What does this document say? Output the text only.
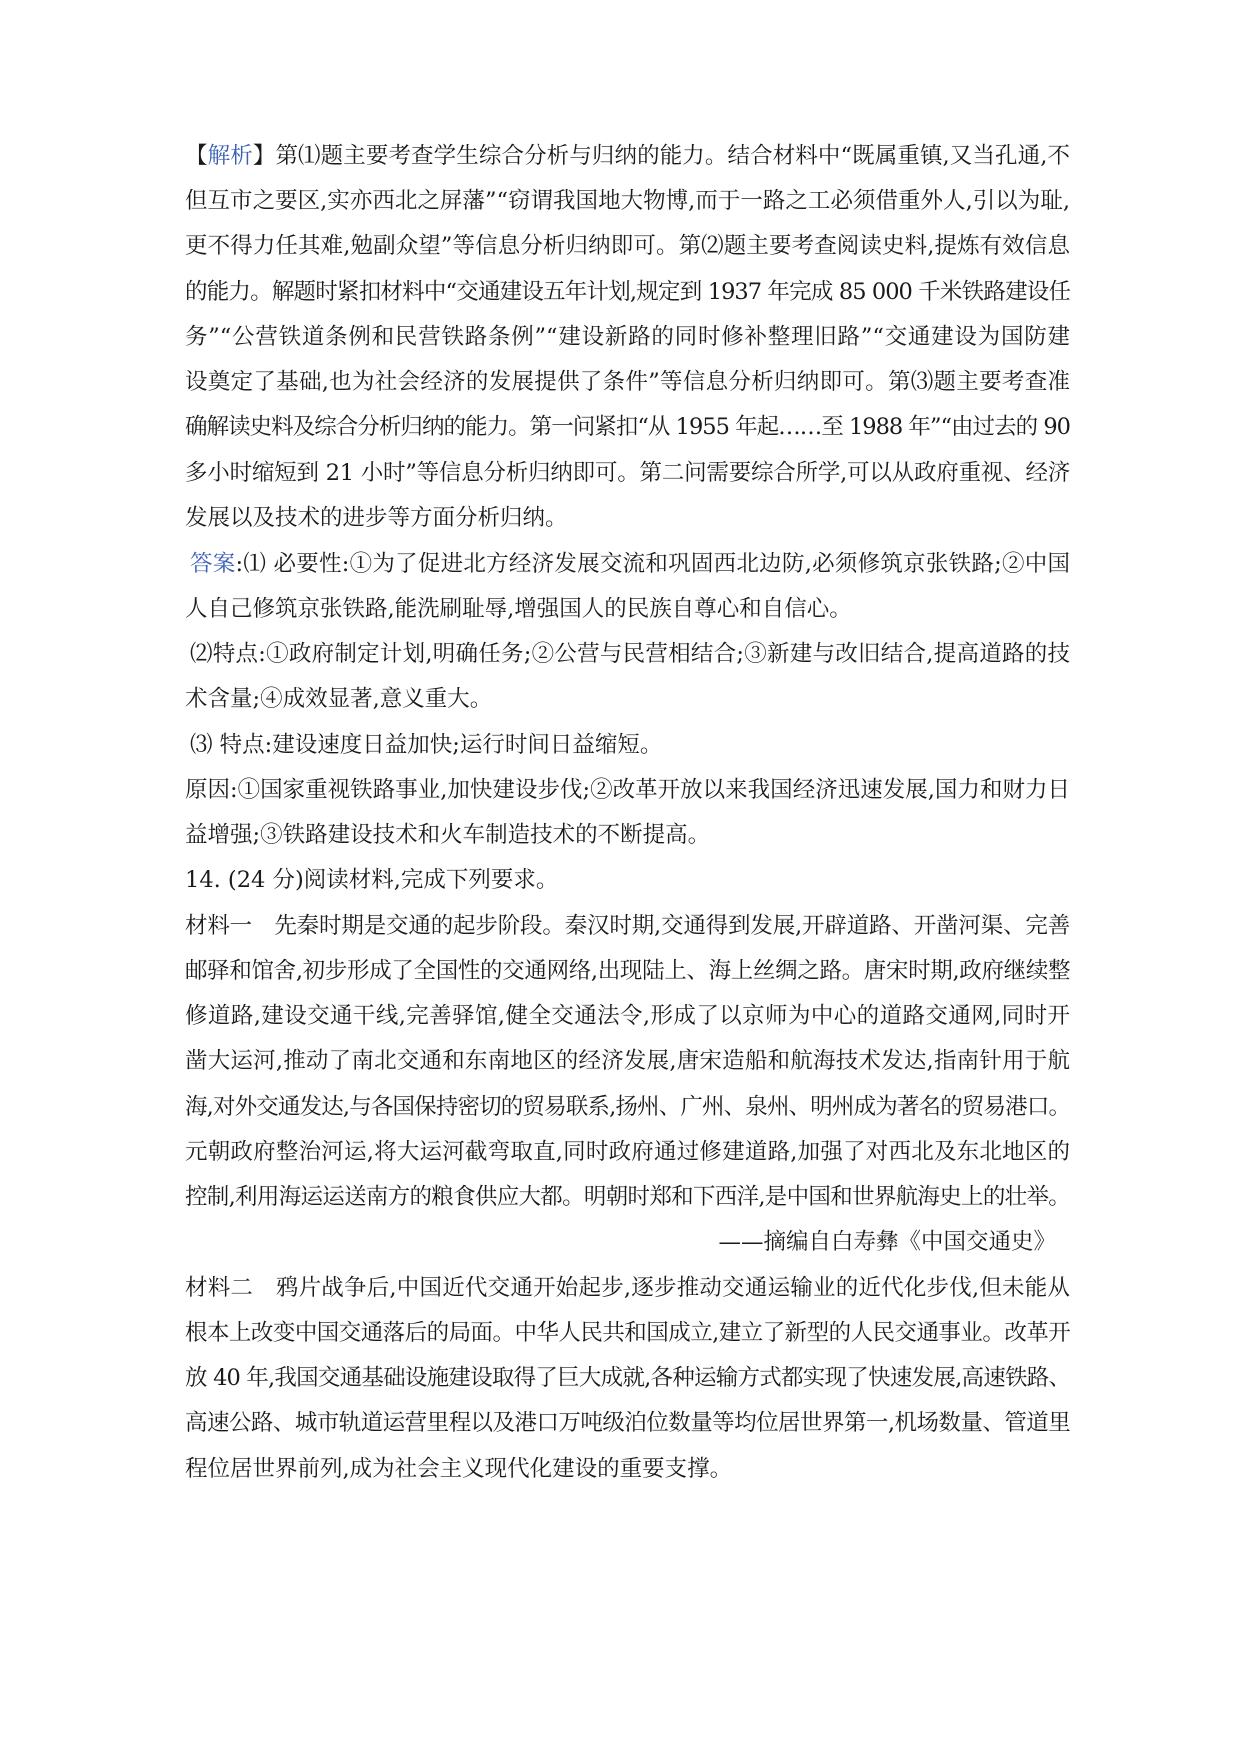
【解析】第⑴题主要考查学生综合分析与归纳的能力。结合材料中“既属重镇,又当孔通,不
但互市之要区,实亦西北之屏藩”“窃谓我国地大物博,而于一路之工必须借重外人,引以为耻,
更不得力任其难,勉副众望”等信息分析归纳即可。第⑵题主要考查阅读史料,提炼有效信息
的能力。解题时紧扣材料中“交通建设五年计划,规定到 1937 年完成 85 000 千米铁路建设任
务”“公营铁道条例和民营铁路条例”“建设新路的同时修补整理旧路”“交通建设为国防建
设奠定了基础,也为社会经济的发展提供了条件”等信息分析归纳即可。第⑶题主要考查准
确解读史料及综合分析归纳的能力。第一问紧扣“从 1955 年起……至 1988 年”“由过去的 90
多小时缩短到 21 小时”等信息分析归纳即可。第二问需要综合所学,可以从政府重视、经济
发展以及技术的进步等方面分析归纳。
答案:⑴ 必要性:①为了促进北方经济发展交流和巩固西北边防,必须修筑京张铁路;②中国
人自己修筑京张铁路,能洗刷耻辱,增强国人的民族自尊心和自信心。
⑵特点:①政府制定计划,明确任务;②公营与民营相结合;③新建与改旧结合,提高道路的技
术含量;④成效显著,意义重大。
⑶ 特点:建设速度日益加快;运行时间日益缩短。
原因:①国家重视铁路事业,加快建设步伐;②改革开放以来我国经济迅速发展,国力和财力日
益增强;③铁路建设技术和火车制造技术的不断提高。
14. (24 分)阅读材料,完成下列要求。
材料一　先秦时期是交通的起步阶段。秦汉时期,交通得到发展,开辟道路、开凿河渠、完善
邮驿和馆舍,初步形成了全国性的交通网络,出现陆上、海上丝绸之路。唐宋时期,政府继续整
修道路,建设交通干线,完善驿馆,健全交通法令,形成了以京师为中心的道路交通网,同时开
凿大运河,推动了南北交通和东南地区的经济发展,唐宋造船和航海技术发达,指南针用于航
海,对外交通发达,与各国保持密切的贸易联系,扬州、广州、泉州、明州成为著名的贸易港口。
元朝政府整治河运,将大运河截弯取直,同时政府通过修建道路,加强了对西北及东北地区的
控制,利用海运运送南方的粮食供应大都。明朝时郑和下西洋,是中国和世界航海史上的壮举。
——摘编自白寿彝《中国交通史》
材料二　鸦片战争后,中国近代交通开始起步,逐步推动交通运输业的近代化步伐,但未能从
根本上改变中国交通落后的局面。中华人民共和国成立,建立了新型的人民交通事业。改革开
放 40 年,我国交通基础设施建设取得了巨大成就,各种运输方式都实现了快速发展,高速铁路、
高速公路、城市轨道运营里程以及港口万吨级泊位数量等均位居世界第一,机场数量、管道里
程位居世界前列,成为社会主义现代化建设的重要支撑。
